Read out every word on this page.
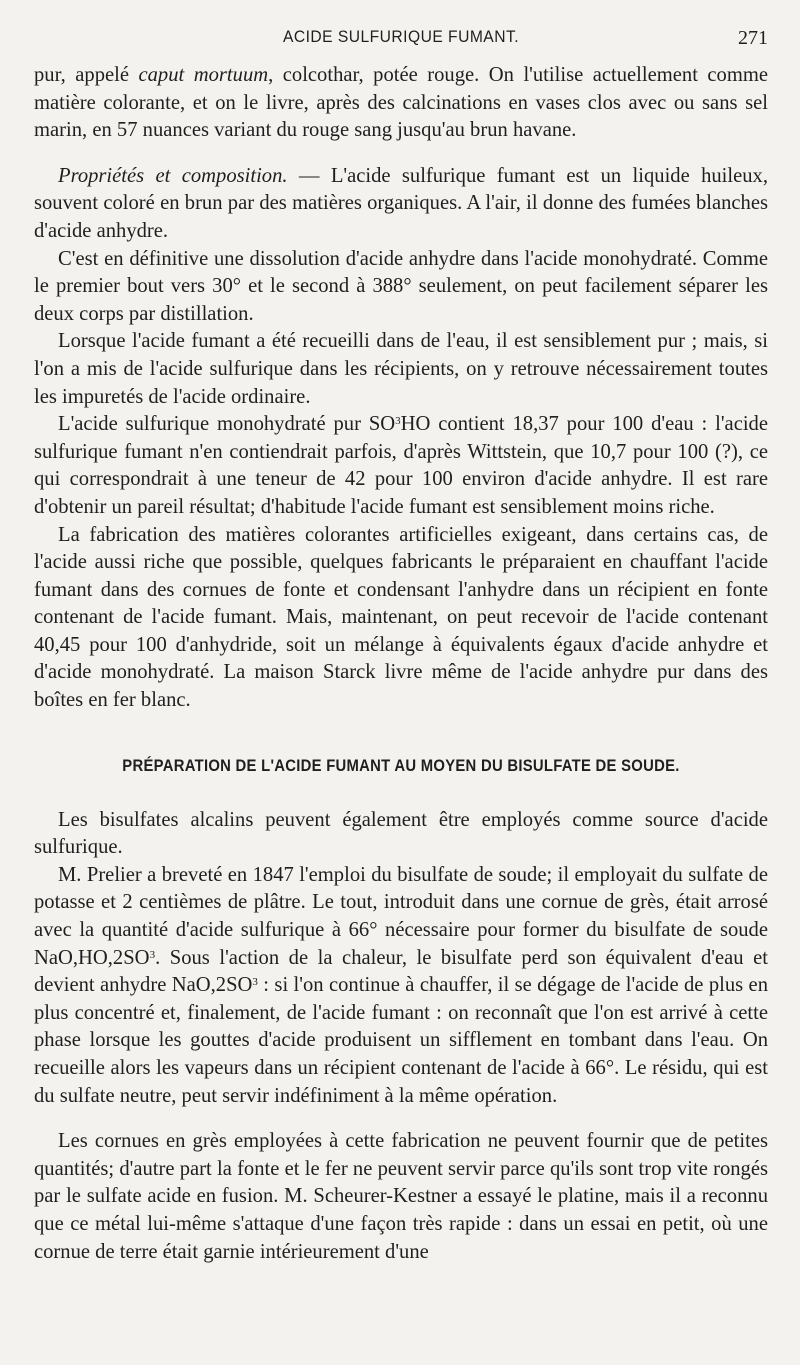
ACIDE SULFURIQUE FUMANT.	271

pur, appelé caput mortuum, colcothar, potée rouge. On l'utilise actuellement comme matière colorante, et on le livre, après des calcinations en vases clos avec ou sans sel marin, en 57 nuances variant du rouge sang jusqu'au brun havane.

Propriétés et composition. — L'acide sulfurique fumant est un liquide huileux, souvent coloré en brun par des matières organiques. A l'air, il donne des fumées blanches d'acide anhydre.

C'est en définitive une dissolution d'acide anhydre dans l'acide monohydraté. Comme le premier bout vers 30° et le second à 388° seulement, on peut facilement séparer les deux corps par distillation.

Lorsque l'acide fumant a été recueilli dans de l'eau, il est sensiblement pur ; mais, si l'on a mis de l'acide sulfurique dans les récipients, on y retrouve nécessairement toutes les impuretés de l'acide ordinaire.

L'acide sulfurique monohydraté pur $SO^3HO$ contient 18,37 pour 100 d'eau : l'acide sulfurique fumant n'en contiendrait parfois, d'après Wittstein, que 10,7 pour 100 (?), ce qui correspondrait à une teneur de 42 pour 100 environ d'acide anhydre. Il est rare d'obtenir un pareil résultat; d'habitude l'acide fumant est sensiblement moins riche.

La fabrication des matières colorantes artificielles exigeant, dans certains cas, de l'acide aussi riche que possible, quelques fabricants le préparaient en chauffant l'acide fumant dans des cornues de fonte et condensant l'anhydre dans un récipient en fonte contenant de l'acide fumant. Mais, maintenant, on peut recevoir de l'acide contenant 40,45 pour 100 d'anhydride, soit un mélange à équivalents égaux d'acide anhydre et d'acide monohydraté. La maison Starck livre même de l'acide anhydre pur dans des boîtes en fer blanc.

PRÉPARATION DE L'ACIDE FUMANT AU MOYEN DU BISULFATE DE SOUDE.

Les bisulfates alcalins peuvent également être employés comme source d'acide sulfurique.

M. Prelier a breveté en 1847 l'emploi du bisulfate de soude; il employait du sulfate de potasse et 2 centièmes de plâtre. Le tout, introduit dans une cornue de grès, était arrosé avec la quantité d'acide sulfurique à 66° nécessaire pour former du bisulfate de soude $NaO,HO,2SO^3$. Sous l'action de la chaleur, le bisulfate perd son équivalent d'eau et devient anhydre $NaO,2SO^3$ : si l'on continue à chauffer, il se dégage de l'acide de plus en plus concentré et, finalement, de l'acide fumant : on reconnaît que l'on est arrivé à cette phase lorsque les gouttes d'acide produisent un sifflement en tombant dans l'eau. On recueille alors les vapeurs dans un récipient contenant de l'acide à 66°. Le résidu, qui est du sulfate neutre, peut servir indéfiniment à la même opération.

Les cornues en grès employées à cette fabrication ne peuvent fournir que de petites quantités; d'autre part la fonte et le fer ne peuvent servir parce qu'ils sont trop vite rongés par le sulfate acide en fusion. M. Scheurer-Kestner a essayé le platine, mais il a reconnu que ce métal lui-même s'attaque d'une façon très rapide : dans un essai en petit, où une cornue de terre était garnie intérieurement d'une
